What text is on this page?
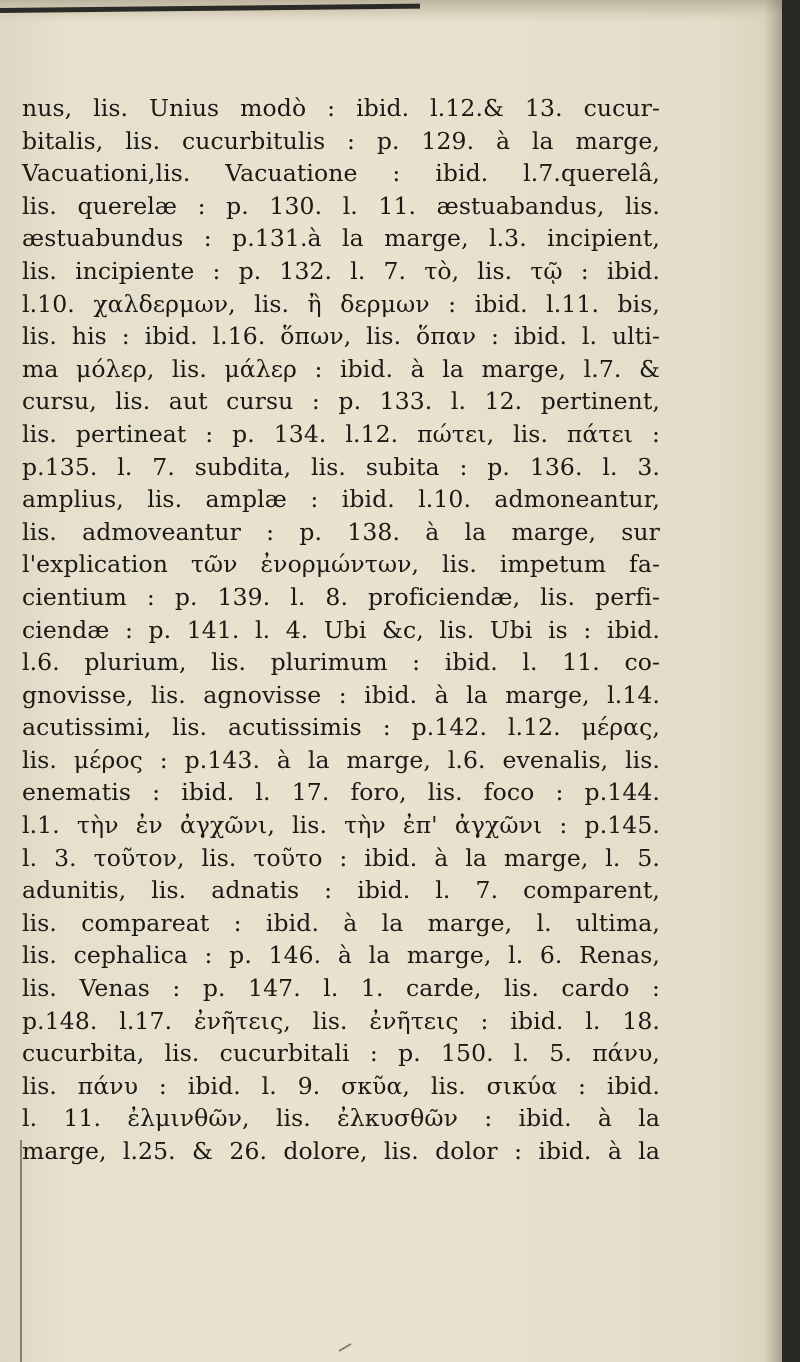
nus, lis. Unius modò : ibid. l.12.& 13. cucur-
bitalis, lis. cucurbitulis : p. 129. à la marge,
Vacuationi,lis. Vacuatione : ibid. l.7.querelâ,
lis. querelæ : p. 130. l. 11. æstuabandus, lis.
æstuabundus : p.131.à la marge, l.3. incipient,
lis. incipiente : p. 132. l. 7. τὸ, lis. τῷ : ibid.
l.10. χαλδερμων, lis. ἢ δερμων : ibid. l.11. bis,
lis. his : ibid. l.16. ὅπων, lis. ὅπαν : ibid. l. ulti-
ma μόλερ, lis. μάλερ : ibid. à la marge, l.7. &
cursu, lis. aut cursu : p. 133. l. 12. pertinent,
lis. pertineat : p. 134. l.12. πώτει, lis. πάτει :
p.135. l. 7. subdita, lis. subita : p. 136. l. 3.
amplius, lis. amplæ : ibid. l.10. admoneantur,
lis. admoveantur : p. 138. à la marge, sur
l'explication τῶν ἐνορμώντων, lis. impetum fa-
cientium : p. 139. l. 8. proficiendæ, lis. perfi-
ciendæ : p. 141. l. 4. Ubi &c, lis. Ubi is : ibid.
l.6. plurium, lis. plurimum : ibid. l. 11. co-
gnovisse, lis. agnovisse : ibid. à la marge, l.14.
acutissimi, lis. acutissimis : p.142. l.12. μέρας,
lis. μέρος : p.143. à la marge, l.6. evenalis, lis.
enematis : ibid. l. 17. foro, lis. foco : p.144.
l.1. τὴν ἐν ἀγχῶνι, lis. τὴν ἐπ' ἀγχῶνι : p.145.
l. 3. τοῦτον, lis. τοῦτο : ibid. à la marge, l. 5.
adunitis, lis. adnatis : ibid. l. 7. comparent,
lis. compareat : ibid. à la marge, l. ultima,
lis. cephalica : p. 146. à la marge, l. 6. Renas,
lis. Venas : p. 147. l. 1. carde, lis. cardo :
p.148. l.17. ἐνῆτεις, lis. ἐνῆτεις : ibid. l. 18.
cucurbita, lis. cucurbitali : p. 150. l. 5. πάνυ,
lis. πάνυ : ibid. l. 9. σκῦα, lis. σικύα : ibid.
l. 11. ἐλμινθῶν, lis. ἐλκυσθῶν : ibid. à la
marge, l.25. & 26. dolore, lis. dolor : ibid. à la
